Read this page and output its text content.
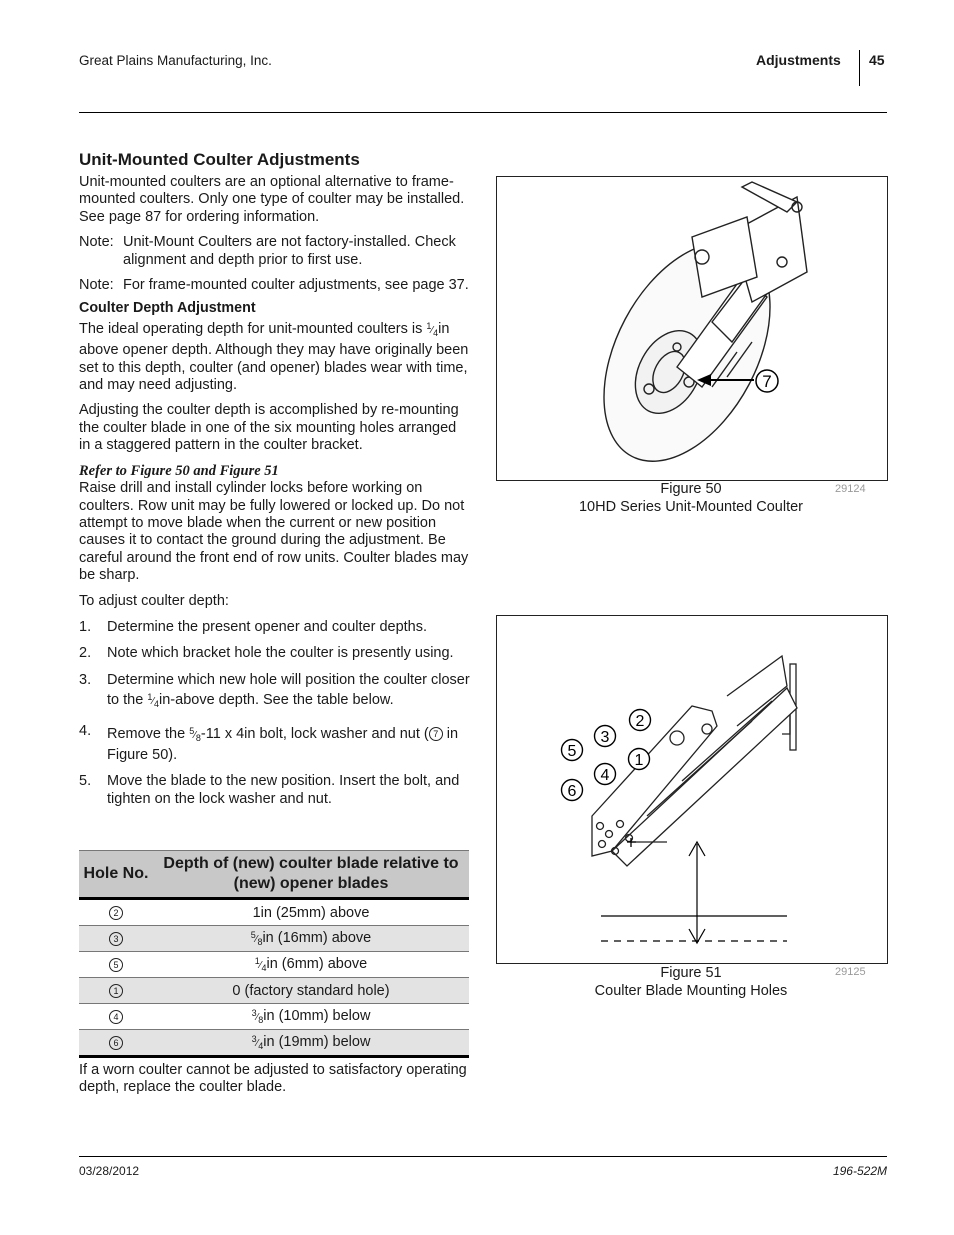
Great Plains Manufacturing, Inc.	Adjustments 45
Unit-Mounted Coulter Adjustments

Unit-mounted coulters are an optional alternative to frame-mounted coulters. Only one type of coulter may be installed. See page 87 for ordering information.

Note: Unit-Mount Coulters are not factory-installed. Check alignment and depth prior to first use.
Note: For frame-mounted coulter adjustments, see page 37.
Coulter Depth Adjustment

The ideal operating depth for unit-mounted coulters is $^1⁄_4in$ above opener depth. Although they may have originally been set to this depth, coulter (and opener) blades wear with time, and may need adjusting.

Adjusting the coulter depth is accomplished by re-mounting the coulter blade in one of the six mounting holes arranged in a staggered pattern in the coulter bracket.

Refer to Figure 50 and Figure 51

Raise drill and install cylinder locks before working on coulters. Row unit may be fully lowered or locked up. Do not attempt to move blade when the current or new position causes it to contact the ground during the adjustment. Be careful around the front end of row units. Coulter blades may be sharp.

To adjust coulter depth:

1.	Determine the present opener and coulter depths.
2.	Note which bracket hole the coulter is presently using.
3.	Determine which new hole will position the coulter closer to the $^1⁄_4in$-above depth. See the table below.
4.	Remove the $^5⁄_8-11$ x 4in bolt, lock washer and nut ( 7 in Figure 50).
5.	Move the blade to the new position. Insert the bolt, and tighten on the lock washer and nut.
Hole No.	Depth of (new) coulter blade relative to (new) opener blades
2	1in (25mm) above
3	$^5⁄_8in$ (16mm) above
5	$^1⁄_4in$ (6mm) above
1	0 (factory standard hole)
4	$^3⁄_8in$ (10mm) below
6	$^3⁄_4in$ (19mm) below

If a worn coulter cannot be adjusted to satisfactory operating depth, replace the coulter blade.

7
Figure 50
10HD Series Unit-Mounted Coulter
29124
2
3
5
1
4
6
Figure 51
Coulter Blade Mounting Holes
29125
03/28/2012	196-522M
